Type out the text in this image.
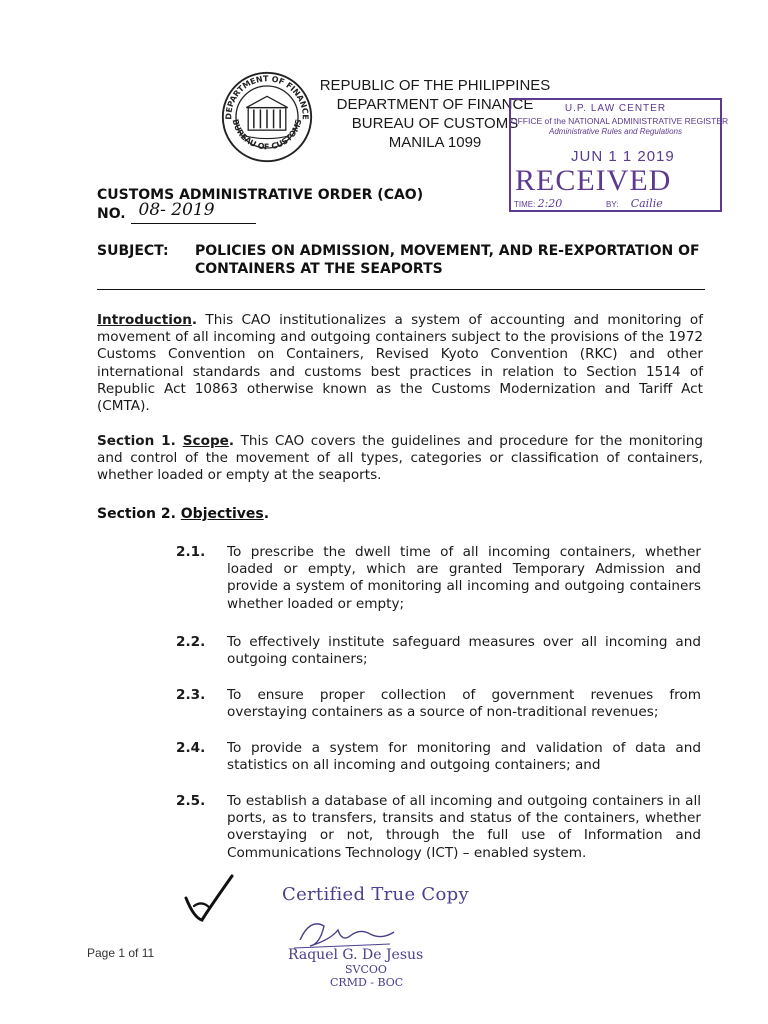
DEPARTMENT OF FINANCE
BUREAU OF CUSTOMS
REPUBLIC OF THE PHILIPPINES
DEPARTMENT OF FINANCE
BUREAU OF CUSTOMS
MANILA 1099
U.P. LAW CENTER
OFFICE of the NATIONAL ADMINISTRATIVE REGISTER
Administrative Rules and Regulations
JUN 1 1 2019
RECEIVED
TIME: 2:20	BY: Cailie
CUSTOMS ADMINISTRATIVE ORDER (CAO)
NO. 08- 2019
SUBJECT: POLICIES ON ADMISSION, MOVEMENT, AND RE-EXPORTATION OF CONTAINERS AT THE SEAPORTS
Introduction. This CAO institutionalizes a system of accounting and monitoring of movement of all incoming and outgoing containers subject to the provisions of the 1972 Customs Convention on Containers, Revised Kyoto Convention (RKC) and other international standards and customs best practices in relation to Section 1514 of Republic Act 10863 otherwise known as the Customs Modernization and Tariff Act (CMTA).
Section 1. Scope. This CAO covers the guidelines and procedure for the monitoring and control of the movement of all types, categories or classification of containers, whether loaded or empty at the seaports.
Section 2. Objectives.
2.1. To prescribe the dwell time of all incoming containers, whether loaded or empty, which are granted Temporary Admission and provide a system of monitoring all incoming and outgoing containers whether loaded or empty;
2.2. To effectively institute safeguard measures over all incoming and outgoing containers;
2.3. To ensure proper collection of government revenues from overstaying containers as a source of non-traditional revenues;
2.4. To provide a system for monitoring and validation of data and statistics on all incoming and outgoing containers; and
2.5. To establish a database of all incoming and outgoing containers in all ports, as to transfers, transits and status of the containers, whether overstaying or not, through the full use of Information and Communications Technology (ICT) – enabled system.
Certified True Copy
Raquel G. De Jesus
SVCOO
CRMD - BOC
Page 1 of 11
